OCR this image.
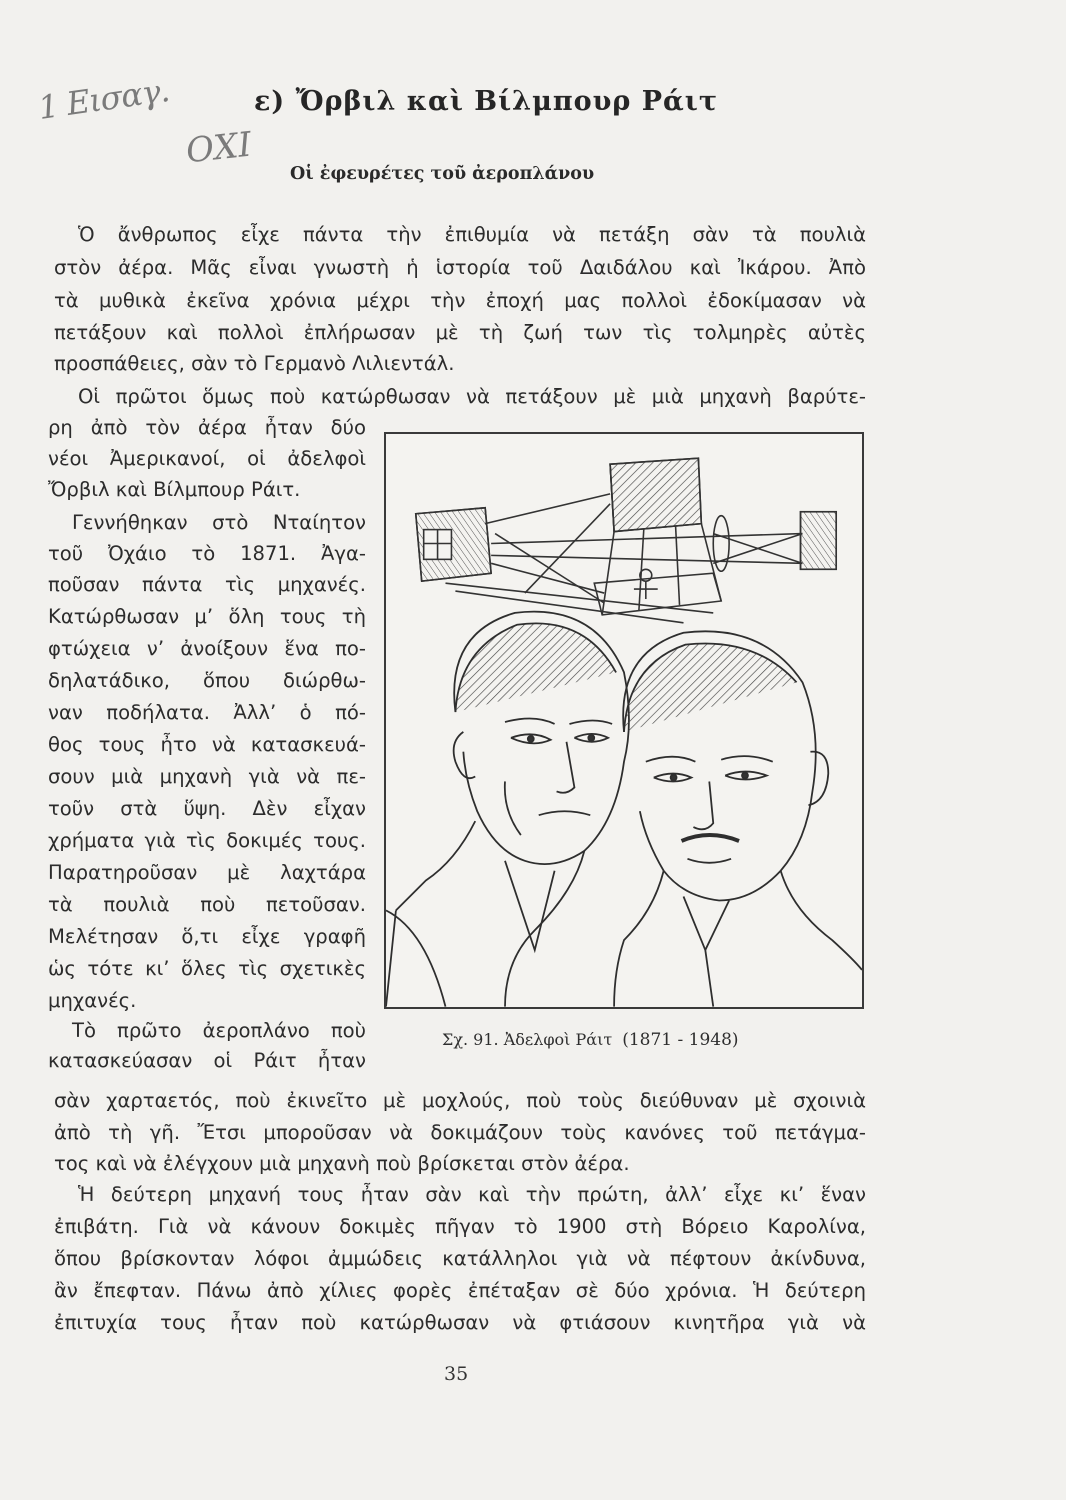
1 Εισαγ.
ΟΧΙ
ε) Ὄρβιλ καὶ Βίλμπουρ Ράιτ
Οἱ ἐφευρέτες τοῦ ἀεροπλάνου
Ὁ ἄνθρωπος εἶχε πάντα τὴν ἐπιθυμία νὰ πετάξη σὰν τὰ πουλιὰ
στὸν ἀέρα. Μᾶς εἶναι γνωστὴ ἡ ἱστορία τοῦ Δαιδάλου καὶ Ἰκάρου. Ἀπὸ
τὰ μυθικὰ ἐκεῖνα χρόνια μέχρι τὴν ἐποχή μας πολλοὶ ἐδοκίμασαν νὰ
πετάξουν καὶ πολλοὶ ἐπλήρωσαν μὲ τὴ ζωή των τὶς τολμηρὲς αὐτὲς
προσπάθειες, σὰν τὸ Γερμανὸ Λιλιεντάλ.
Οἱ πρῶτοι ὅμως ποὺ κατώρθωσαν νὰ πετάξουν μὲ μιὰ μηχανὴ βαρύτε-
ρη ἀπὸ τὸν ἀέρα ἦταν δύο
νέοι Ἀμερικανοί, οἱ ἀδελφοὶ
Ὄρβιλ καὶ Βίλμπουρ Ράιτ.
Γεννήθηκαν στὸ Νταίητον
τοῦ Ὀχάιο τὸ 1871. Ἀγα-
ποῦσαν πάντα τὶς μηχανές.
Κατώρθωσαν μ’ ὅλη τους τὴ
φτώχεια ν’ ἀνοίξουν ἕνα πο-
δηλατάδικο, ὅπου διώρθω-
ναν ποδήλατα. Ἀλλ’ ὁ πό-
θος τους ἦτο νὰ κατασκευά-
σουν μιὰ μηχανὴ γιὰ νὰ πε-
τοῦν στὰ ὕψη. Δὲν εἶχαν
χρήματα γιὰ τὶς δοκιμές τους.
Παρατηροῦσαν μὲ λαχτάρα
τὰ πουλιὰ ποὺ πετοῦσαν.
Μελέτησαν ὅ,τι εἶχε γραφῆ
ὡς τότε κι’ ὅλες τὶς σχετικὲς
μηχανές.
Τὸ πρῶτο ἀεροπλάνο ποὺ
κατασκεύασαν οἱ Ράιτ ἦταν
σὰν χαρταετός, ποὺ ἐκινεῖτο μὲ μοχλούς, ποὺ τοὺς διεύθυναν μὲ σχοινιὰ
ἀπὸ τὴ γῆ. Ἔτσι μποροῦσαν νὰ δοκιμάζουν τοὺς κανόνες τοῦ πετάγμα-
τος καὶ νὰ ἐλέγχουν μιὰ μηχανὴ ποὺ βρίσκεται στὸν ἀέρα.
Ἡ δεύτερη μηχανή τους ἦταν σὰν καὶ τὴν πρώτη, ἀλλ’ εἶχε κι’ ἕναν
ἐπιβάτη. Γιὰ νὰ κάνουν δοκιμὲς πῆγαν τὸ 1900 στὴ Βόρειο Καρολίνα,
ὅπου βρίσκονταν λόφοι ἀμμώδεις κατάλληλοι γιὰ νὰ πέφτουν ἀκίνδυνα,
ἂν ἔπεφταν. Πάνω ἀπὸ χίλιες φορὲς ἐπέταξαν σὲ δύο χρόνια. Ἡ δεύτερη
ἐπιτυχία τους ἦταν ποὺ κατώρθωσαν νὰ φτιάσουν κινητῆρα γιὰ νὰ
Σχ. 91. Ἀδελφοὶ Ράιτ (1871 - 1948)
35
